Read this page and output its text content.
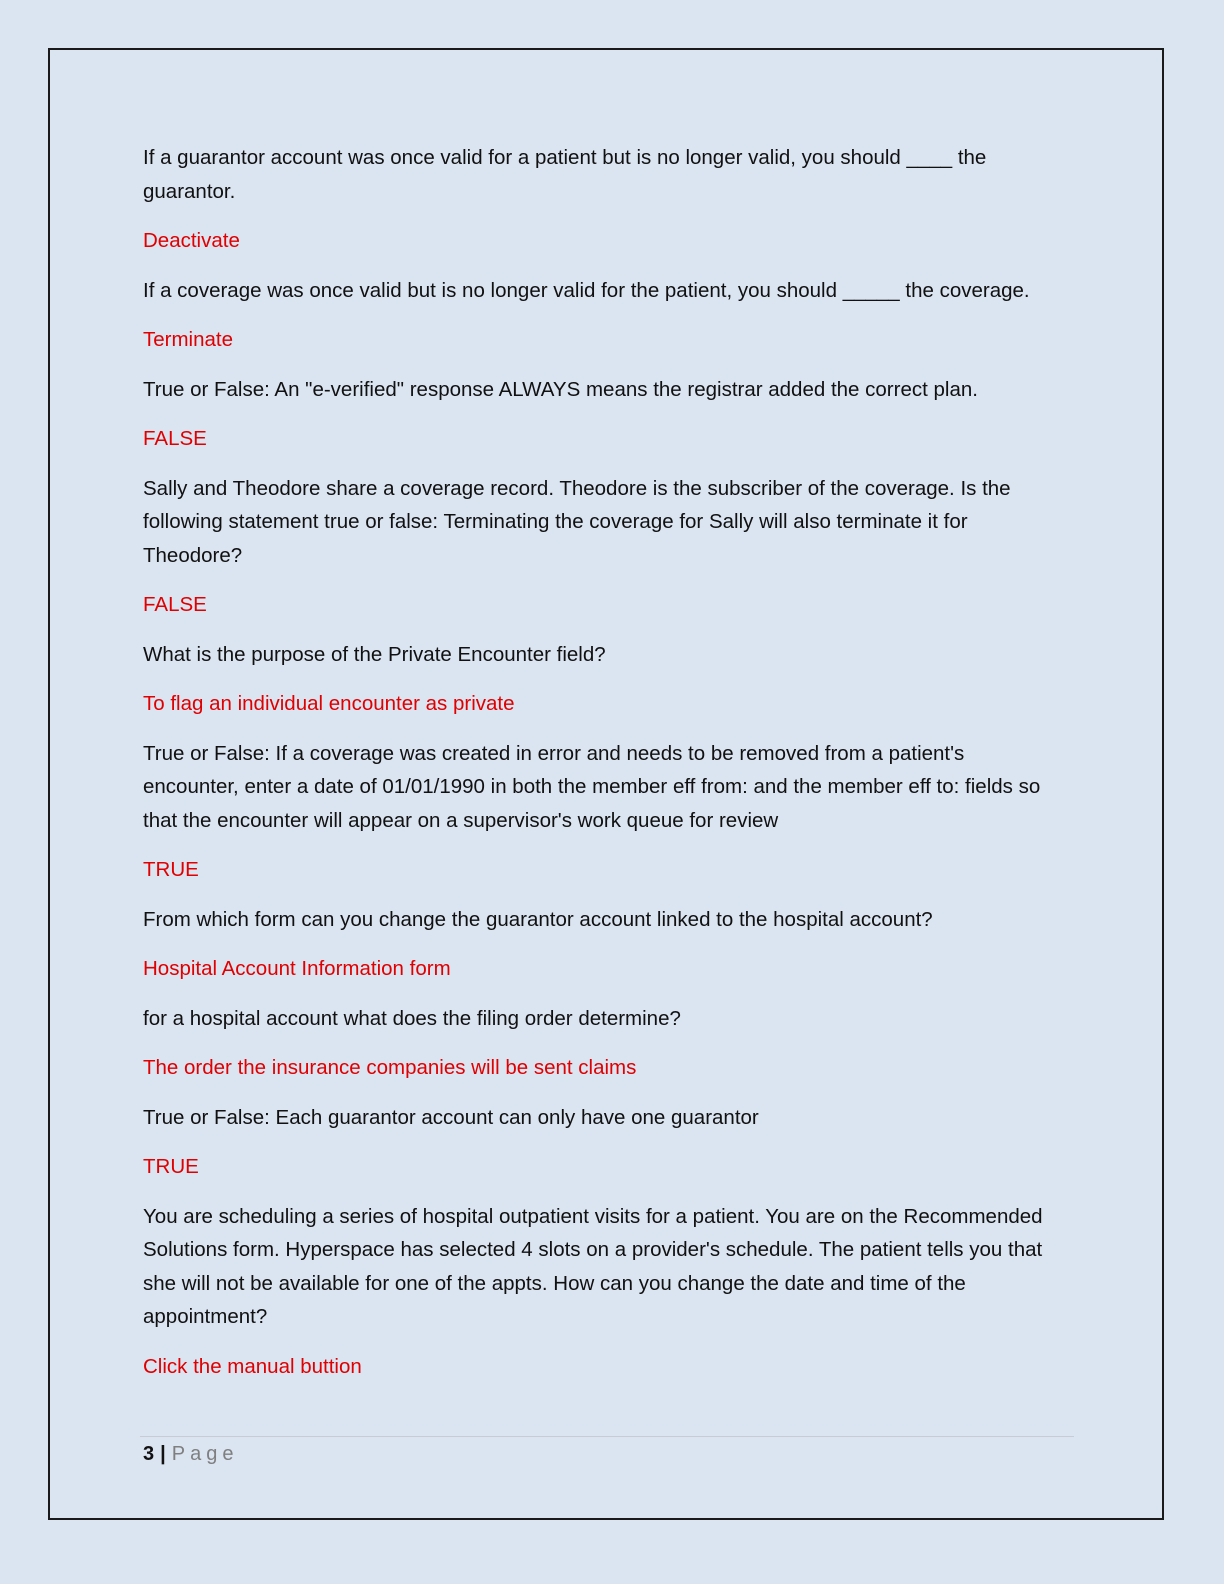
If a guarantor account was once valid for a patient but is no longer valid, you should ____ the guarantor.

Deactivate

If a coverage was once valid but is no longer valid for the patient, you should _____ the coverage.

Terminate

True or False: An "e-verified" response ALWAYS means the registrar added the correct plan.

FALSE

Sally and Theodore share a coverage record. Theodore is the subscriber of the coverage. Is the following statement true or false: Terminating the coverage for Sally will also terminate it for Theodore?

FALSE

What is the purpose of the Private Encounter field?

To flag an individual encounter as private

True or False: If a coverage was created in error and needs to be removed from a patient's encounter, enter a date of 01/01/1990 in both the member eff from: and the member eff to: fields so that the encounter will appear on a supervisor's work queue for review

TRUE

From which form can you change the guarantor account linked to the hospital account?

Hospital Account Information form

for a hospital account what does the filing order determine?

The order the insurance companies will be sent claims

True or False: Each guarantor account can only have one guarantor

TRUE

You are scheduling a series of hospital outpatient visits for a patient. You are on the Recommended Solutions form. Hyperspace has selected 4 slots on a provider's schedule. The patient tells you that she will not be available for one of the appts. How can you change the date and time of the appointment?

Click the manual buttion

3 | Page
